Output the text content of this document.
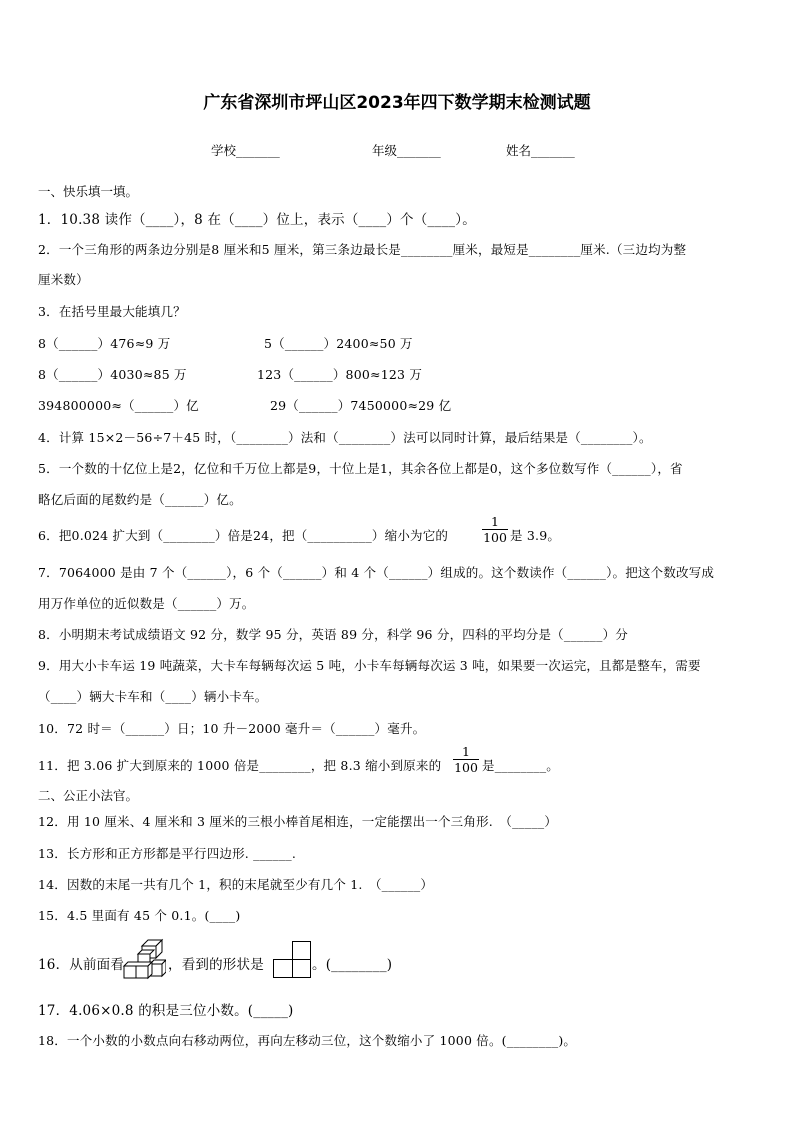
广东省深圳市坪山区2023年四下数学期末检测试题
学校_______	年级_______	姓名_______
一、快乐填一填。
1．10.38 读作（____），8 在（____）位上，表示（____）个（____）。
2．一个三角形的两条边分别是8 厘米和5 厘米，第三条边最长是________厘米，最短是________厘米.（三边均为整
厘米数）
3．在括号里最大能填几？
8（______）476≈9 万	5（______）2400≈50 万
8（______）4030≈85 万	123（______）800≈123 万
394800000≈（______）亿	29（______）7450000≈29 亿
4．计算 15×2－56÷7＋45 时，（________）法和（________）法可以同时计算，最后结果是（________）。
5．一个数的十亿位上是2，亿位和千万位上都是9，十位上是1，其余各位上都是0，这个多位数写作（______），省
略亿后面的尾数约是（______）亿。
6．把0.024 扩大到（________）倍是24，把（__________）缩小为它的	$\frac{1}{100}$ 是 3.9。
7．7064000 是由 7 个（______），6 个（______）和 4 个（______）组成的。这个数读作（______）。把这个数改写成
用万作单位的近似数是（______）万。
8．小明期末考试成绩语文 92 分，数学 95 分，英语 89 分，科学 96 分，四科的平均分是（______）分
9．用大小卡车运 19 吨蔬菜，大卡车每辆每次运 5 吨，小卡车每辆每次运 3 吨，如果要一次运完，且都是整车，需要
（____）辆大卡车和（____）辆小卡车。
10．72 时＝（______）日；10 升－2000 毫升＝（______）毫升。
11．把 3.06 扩大到原来的 1000 倍是________，把 8.3 缩小到原来的 $\frac{1}{100}$ 是________。
二、公正小法官。
12．用 10 厘米、4 厘米和 3 厘米的三根小棒首尾相连，一定能摆出一个三角形.　（_____）
13．长方形和正方形都是平行四边形. ______.
14．因数的末尾一共有几个 1，积的末尾就至少有几个 1.　（______）
15．4.5 里面有 45 个 0.1。(____)
16．从前面看	，看到的形状是	。(________)
17．4.06×0.8 的积是三位小数。(_____)
18．一个小数的小数点向右移动两位，再向左移动三位，这个数缩小了 1000 倍。(________)。
